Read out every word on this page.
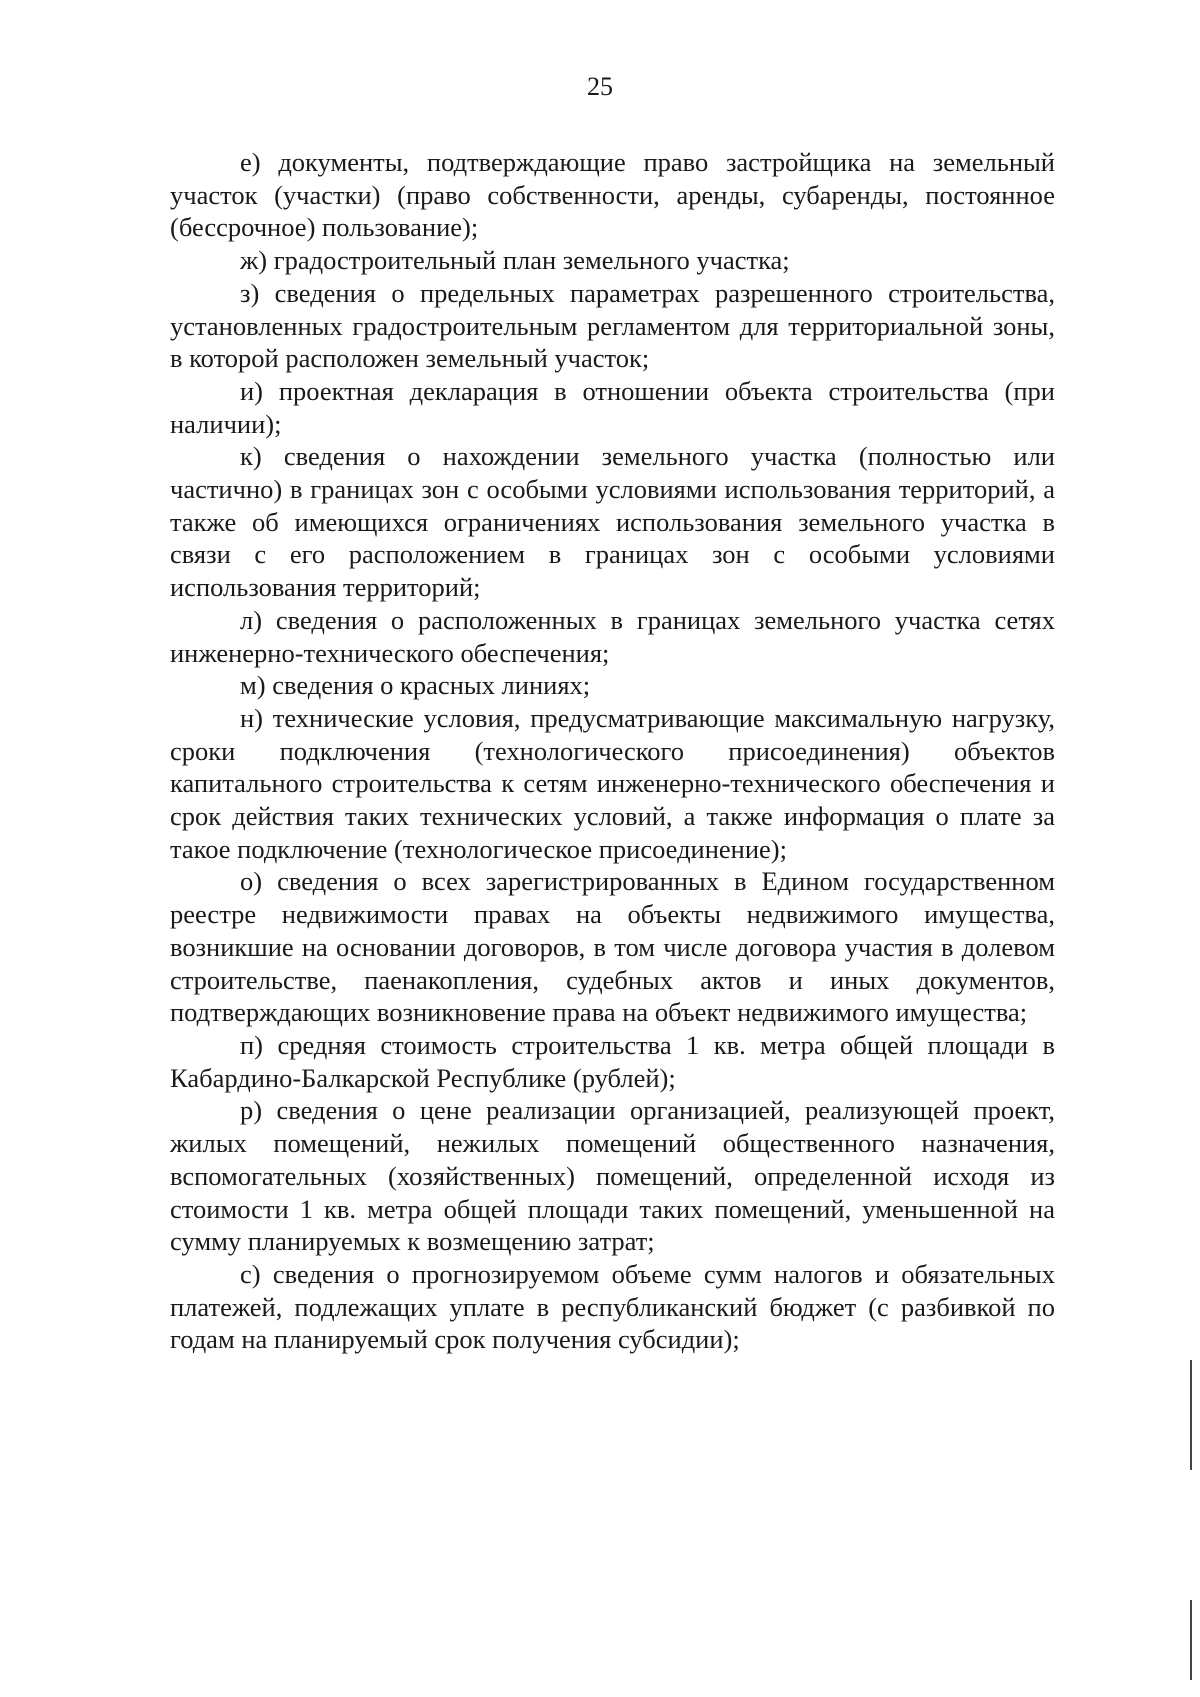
25

е) документы, подтверждающие право застройщика на земельный участок (участки) (право собственности, аренды, субаренды, постоянное (бессрочное) пользование);

ж) градостроительный план земельного участка;

з) сведения о предельных параметрах разрешенного строительства, установленных градостроительным регламентом для территориальной зоны, в которой расположен земельный участок;

и) проектная декларация в отношении объекта строительства (при наличии);

к) сведения о нахождении земельного участка (полностью или частично) в границах зон с особыми условиями использования территорий, а также об имеющихся ограничениях использования земельного участка в связи с его расположением в границах зон с особыми условиями использования территорий;

л) сведения о расположенных в границах земельного участка сетях инженерно-технического обеспечения;

м) сведения о красных линиях;

н) технические условия, предусматривающие максимальную нагрузку, сроки подключения (технологического присоединения) объектов капитального строительства к сетям инженерно-технического обеспечения и срок действия таких технических условий, а также информация о плате за такое подключение (технологическое присоединение);

о) сведения о всех зарегистрированных в Едином государственном реестре недвижимости правах на объекты недвижимого имущества, возникшие на основании договоров, в том числе договора участия в долевом строительстве, паенакопления, судебных актов и иных документов, подтверждающих возникновение права на объект недвижимого имущества;

п) средняя стоимость строительства 1 кв. метра общей площади в Кабардино-Балкарской Республике (рублей);

р) сведения о цене реализации организацией, реализующей проект, жилых помещений, нежилых помещений общественного назначения, вспомогательных (хозяйственных) помещений, определенной исходя из стоимости 1 кв. метра общей площади таких помещений, уменьшенной на сумму планируемых к возмещению затрат;

с) сведения о прогнозируемом объеме сумм налогов и обязательных платежей, подлежащих уплате в республиканский бюджет (с разбивкой по годам на планируемый срок получения субсидии);
